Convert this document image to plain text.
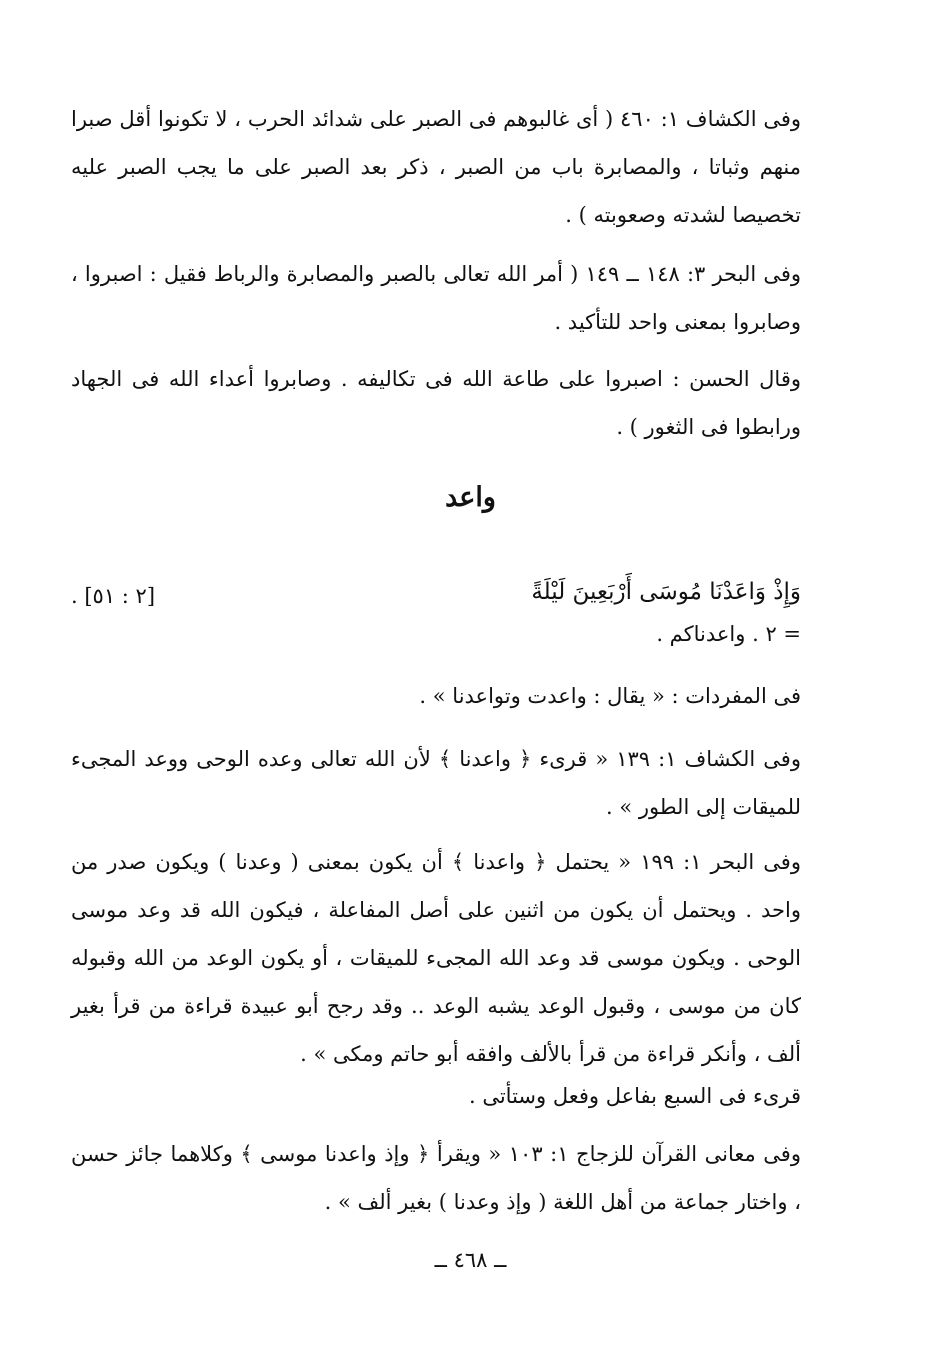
وفى الكشاف ١: ٤٦٠ ( أى غالبوهم فى الصبر على شدائد الحرب ، لا تكونوا أقل صبرا منهم وثباتا ، والمصابرة باب من الصبر ، ذكر بعد الصبر على ما يجب الصبر عليه تخصيصا لشدته وصعوبته ) .

وفى البحر ٣: ١٤٨ ــ ١٤٩ ( أمر الله تعالى بالصبر والمصابرة والرباط فقيل : اصبروا ، وصابروا بمعنى واحد للتأكيد .

وقال الحسن : اصبروا على طاعة الله فى تكاليفه . وصابروا أعداء الله فى الجهاد ورابطوا فى الثغور ) .

واعد
وَإِذْ وَاعَدْنَا مُوسَى أَرْبَعِينَ لَيْلَةً
[٢ : ٥١] .
= ٢ . واعدناكم .

فى المفردات : « يقال : واعدت وتواعدنا » .

وفى الكشاف ١: ١٣٩ « قرىء ﴿ واعدنا ﴾ لأن الله تعالى وعده الوحى ووعد المجىء للميقات إلى الطور » .

وفى البحر ١: ١٩٩ « يحتمل ﴿ واعدنا ﴾ أن يكون بمعنى ( وعدنا ) ويكون صدر من واحد . ويحتمل أن يكون من اثنين على أصل المفاعلة ، فيكون الله قد وعد موسى الوحى . ويكون موسى قد وعد الله المجىء للميقات ، أو يكون الوعد من الله وقبوله كان من موسى ، وقبول الوعد يشبه الوعد .. وقد رجح أبو عبيدة قراءة من قرأ بغير ألف ، وأنكر قراءة من قرأ بالألف وافقه أبو حاتم ومكى » .

قرىء فى السبع بفاعل وفعل وستأتى .

وفى معانى القرآن للزجاج ١: ١٠٣ « ويقرأ ﴿ وإذ واعدنا موسى ﴾ وكلاهما جائز حسن ، واختار جماعة من أهل اللغة ( وإذ وعدنا ) بغير ألف » .

ــ ٤٦٨ ــ
